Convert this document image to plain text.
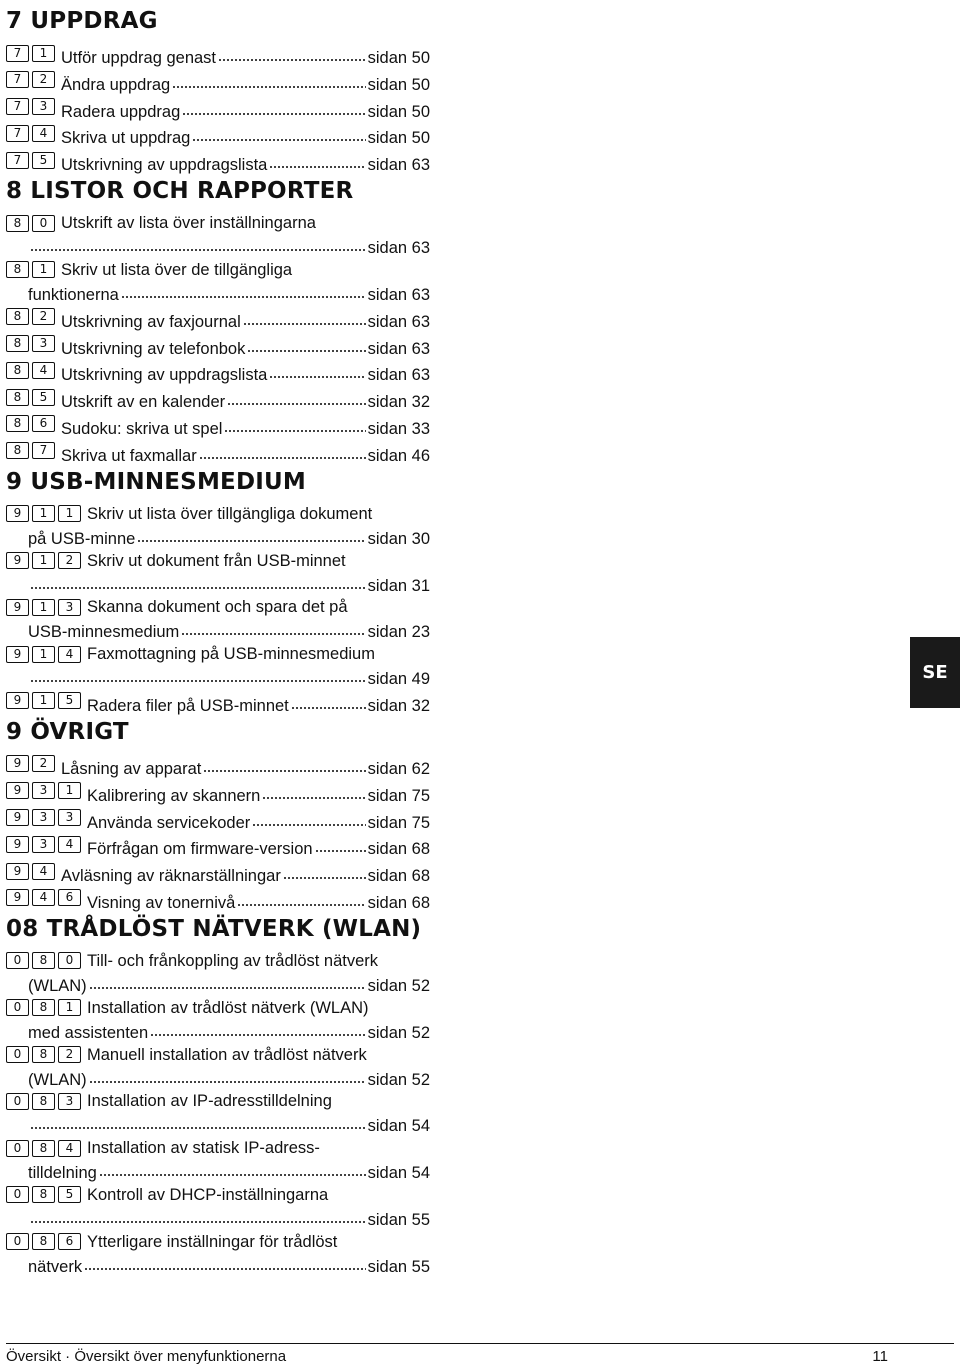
7 UPPDRAG
7	1 Utför uppdrag genast	sidan 50
7	2 Ändra uppdrag	sidan 50
7	3 Radera uppdrag	sidan 50
7	4 Skriva ut uppdrag	sidan 50
7	5 Utskrivning av uppdragslista	sidan 63
8 LISTOR OCH RAPPORTER
8	0 Utskrift av lista över inställningarna
sidan 63
8	1 Skriv ut lista över de tillgängliga
funktionerna	sidan 63
8	2 Utskrivning av faxjournal	sidan 63
8	3 Utskrivning av telefonbok	sidan 63
8	4 Utskrivning av uppdragslista	sidan 63
8	5 Utskrift av en kalender	sidan 32
8	6 Sudoku: skriva ut spel	sidan 33
8	7 Skriva ut faxmallar	sidan 46
9 USB-MINNESMEDIUM
9	1	1 Skriv ut lista över tillgängliga dokument
på USB-minne	sidan 30
9	1	2 Skriv ut dokument från USB-minnet
sidan 31
9	1	3 Skanna dokument och spara det på
USB-minnesmedium	sidan 23
9	1	4 Faxmottagning på USB-minnesmedium
sidan 49
9	1	5 Radera filer på USB-minnet	sidan 32
9 ÖVRIGT
9	2 Låsning av apparat	sidan 62
9	3	1 Kalibrering av skannern	sidan 75
9	3	3 Använda servicekoder	sidan 75
9	3	4 Förfrågan om firmware-version	sidan 68
9	4 Avläsning av räknarställningar	sidan 68
9	4	6 Visning av tonernivå	sidan 68
08 TRÅDLÖST NÄTVERK (WLAN)
0	8	0 Till- och frånkoppling av trådlöst nätverk
(WLAN)	sidan 52
0	8	1 Installation av trådlöst nätverk (WLAN)
med assistenten	sidan 52
0	8	2 Manuell installation av trådlöst nätverk
(WLAN)	sidan 52
0	8	3 Installation av IP-adresstilldelning
sidan 54
0	8	4 Installation av statisk IP-adress-
tilldelning	sidan 54
0	8	5 Kontroll av DHCP-inställningarna
sidan 55
0	8	6 Ytterligare inställningar för trådlöst
nätverk	sidan 55
SE
Översikt · Översikt över menyfunktionerna	11
